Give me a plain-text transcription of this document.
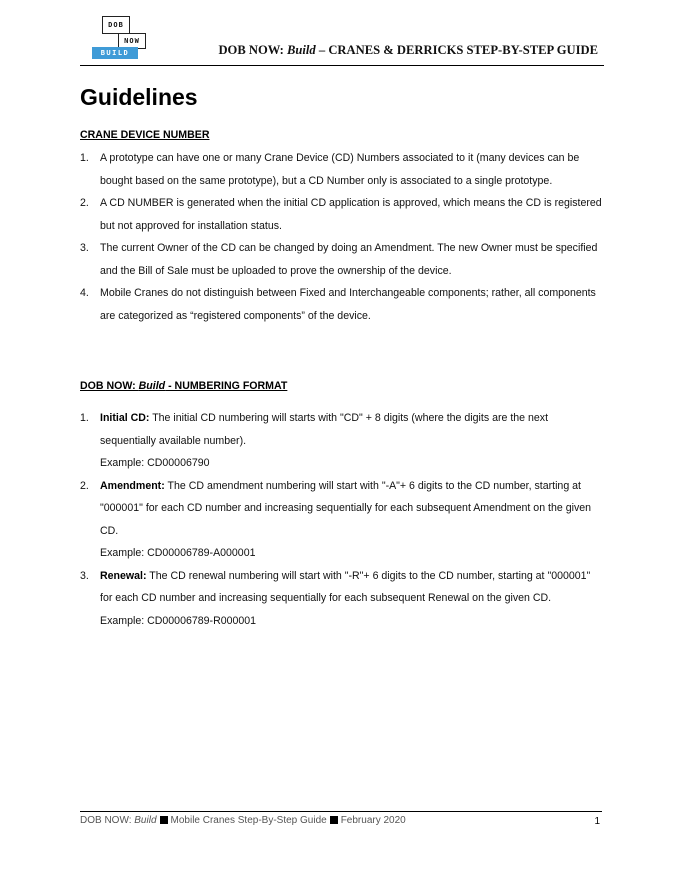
DOB
NOW
BUILD	DOB NOW: Build – CRANES & DERRICKS STEP-BY-STEP GUIDE
Guidelines
CRANE DEVICE NUMBER
1. A prototype can have one or many Crane Device (CD) Numbers associated to it (many devices can be bought based on the same prototype), but a CD Number only is associated to a single prototype.
2. A CD NUMBER is generated when the initial CD application is approved, which means the CD is registered but not approved for installation status.
3. The current Owner of the CD can be changed by doing an Amendment. The new Owner must be specified and the Bill of Sale must be uploaded to prove the ownership of the device.
4. Mobile Cranes do not distinguish between Fixed and Interchangeable components; rather, all components are categorized as “registered components” of the device.
DOB NOW: Build - NUMBERING FORMAT
1. Initial CD: The initial CD numbering will starts with "CD" + 8 digits (where the digits are the next sequentially available number).
Example: CD00006790
2. Amendment: The CD amendment numbering will start with "-A"+ 6 digits to the CD number, starting at "000001" for each CD number and increasing sequentially for each subsequent Amendment on the given CD.
Example: CD00006789-A000001
3. Renewal: The CD renewal numbering will start with "-R"+ 6 digits to the CD number, starting at "000001" for each CD number and increasing sequentially for each subsequent Renewal on the given CD.
Example: CD00006789-R000001
DOB NOW: Build Mobile Cranes Step-By-Step Guide February 2020	1
